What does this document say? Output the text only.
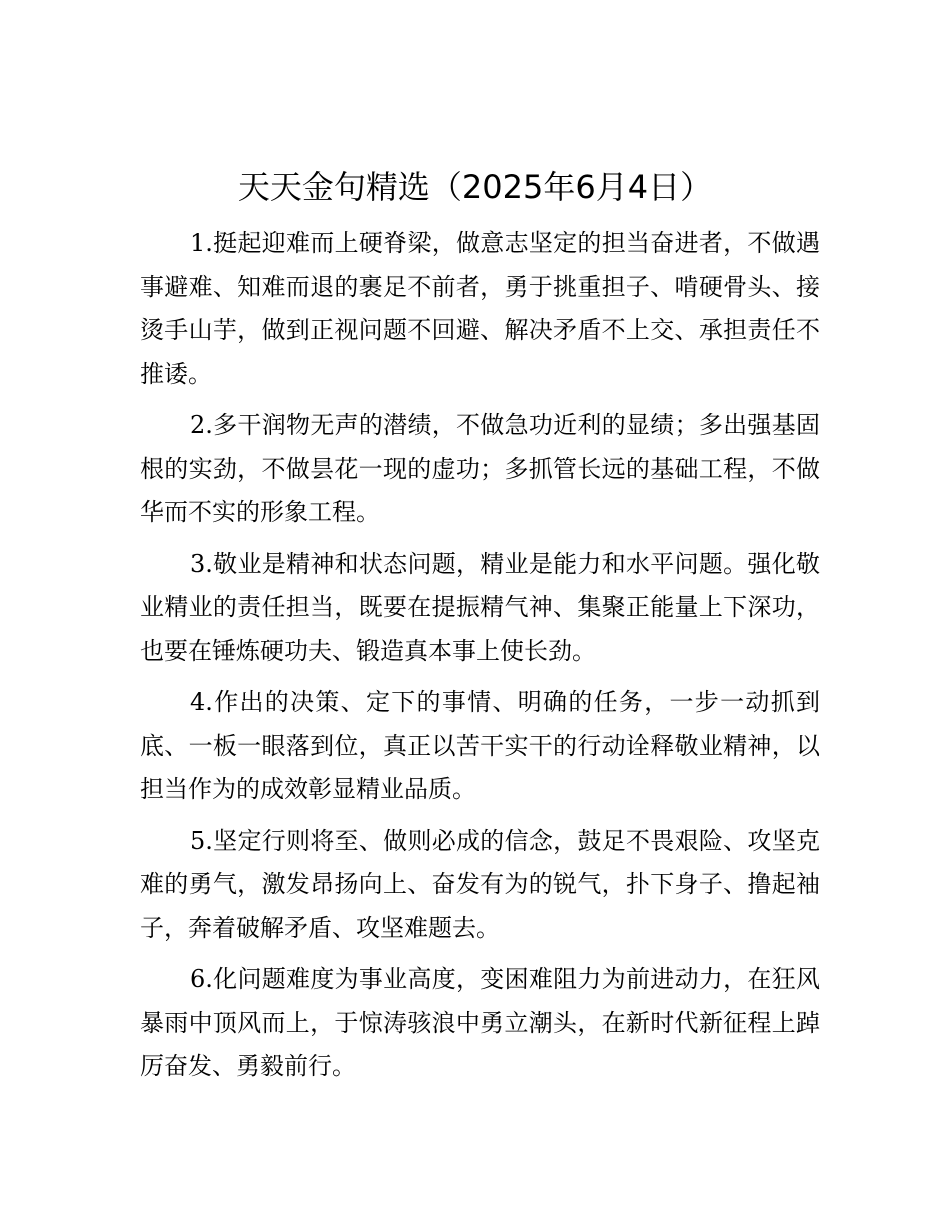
天天金句精选（2025年6月4日）

1.挺起迎难而上硬脊梁，做意志坚定的担当奋进者，不做遇事避难、知难而退的裹足不前者，勇于挑重担子、啃硬骨头、接烫手山芋，做到正视问题不回避、解决矛盾不上交、承担责任不推诿。

2.多干润物无声的潜绩，不做急功近利的显绩；多出强基固根的实劲，不做昙花一现的虚功；多抓管长远的基础工程，不做华而不实的形象工程。

3.敬业是精神和状态问题，精业是能力和水平问题。强化敬业精业的责任担当，既要在提振精气神、集聚正能量上下深功，也要在锤炼硬功夫、锻造真本事上使长劲。

4.作出的决策、定下的事情、明确的任务，一步一动抓到底、一板一眼落到位，真正以苦干实干的行动诠释敬业精神，以担当作为的成效彰显精业品质。

5.坚定行则将至、做则必成的信念，鼓足不畏艰险、攻坚克难的勇气，激发昂扬向上、奋发有为的锐气，扑下身子、撸起袖子，奔着破解矛盾、攻坚难题去。

6.化问题难度为事业高度，变困难阻力为前进动力，在狂风暴雨中顶风而上，于惊涛骇浪中勇立潮头，在新时代新征程上踔厉奋发、勇毅前行。
